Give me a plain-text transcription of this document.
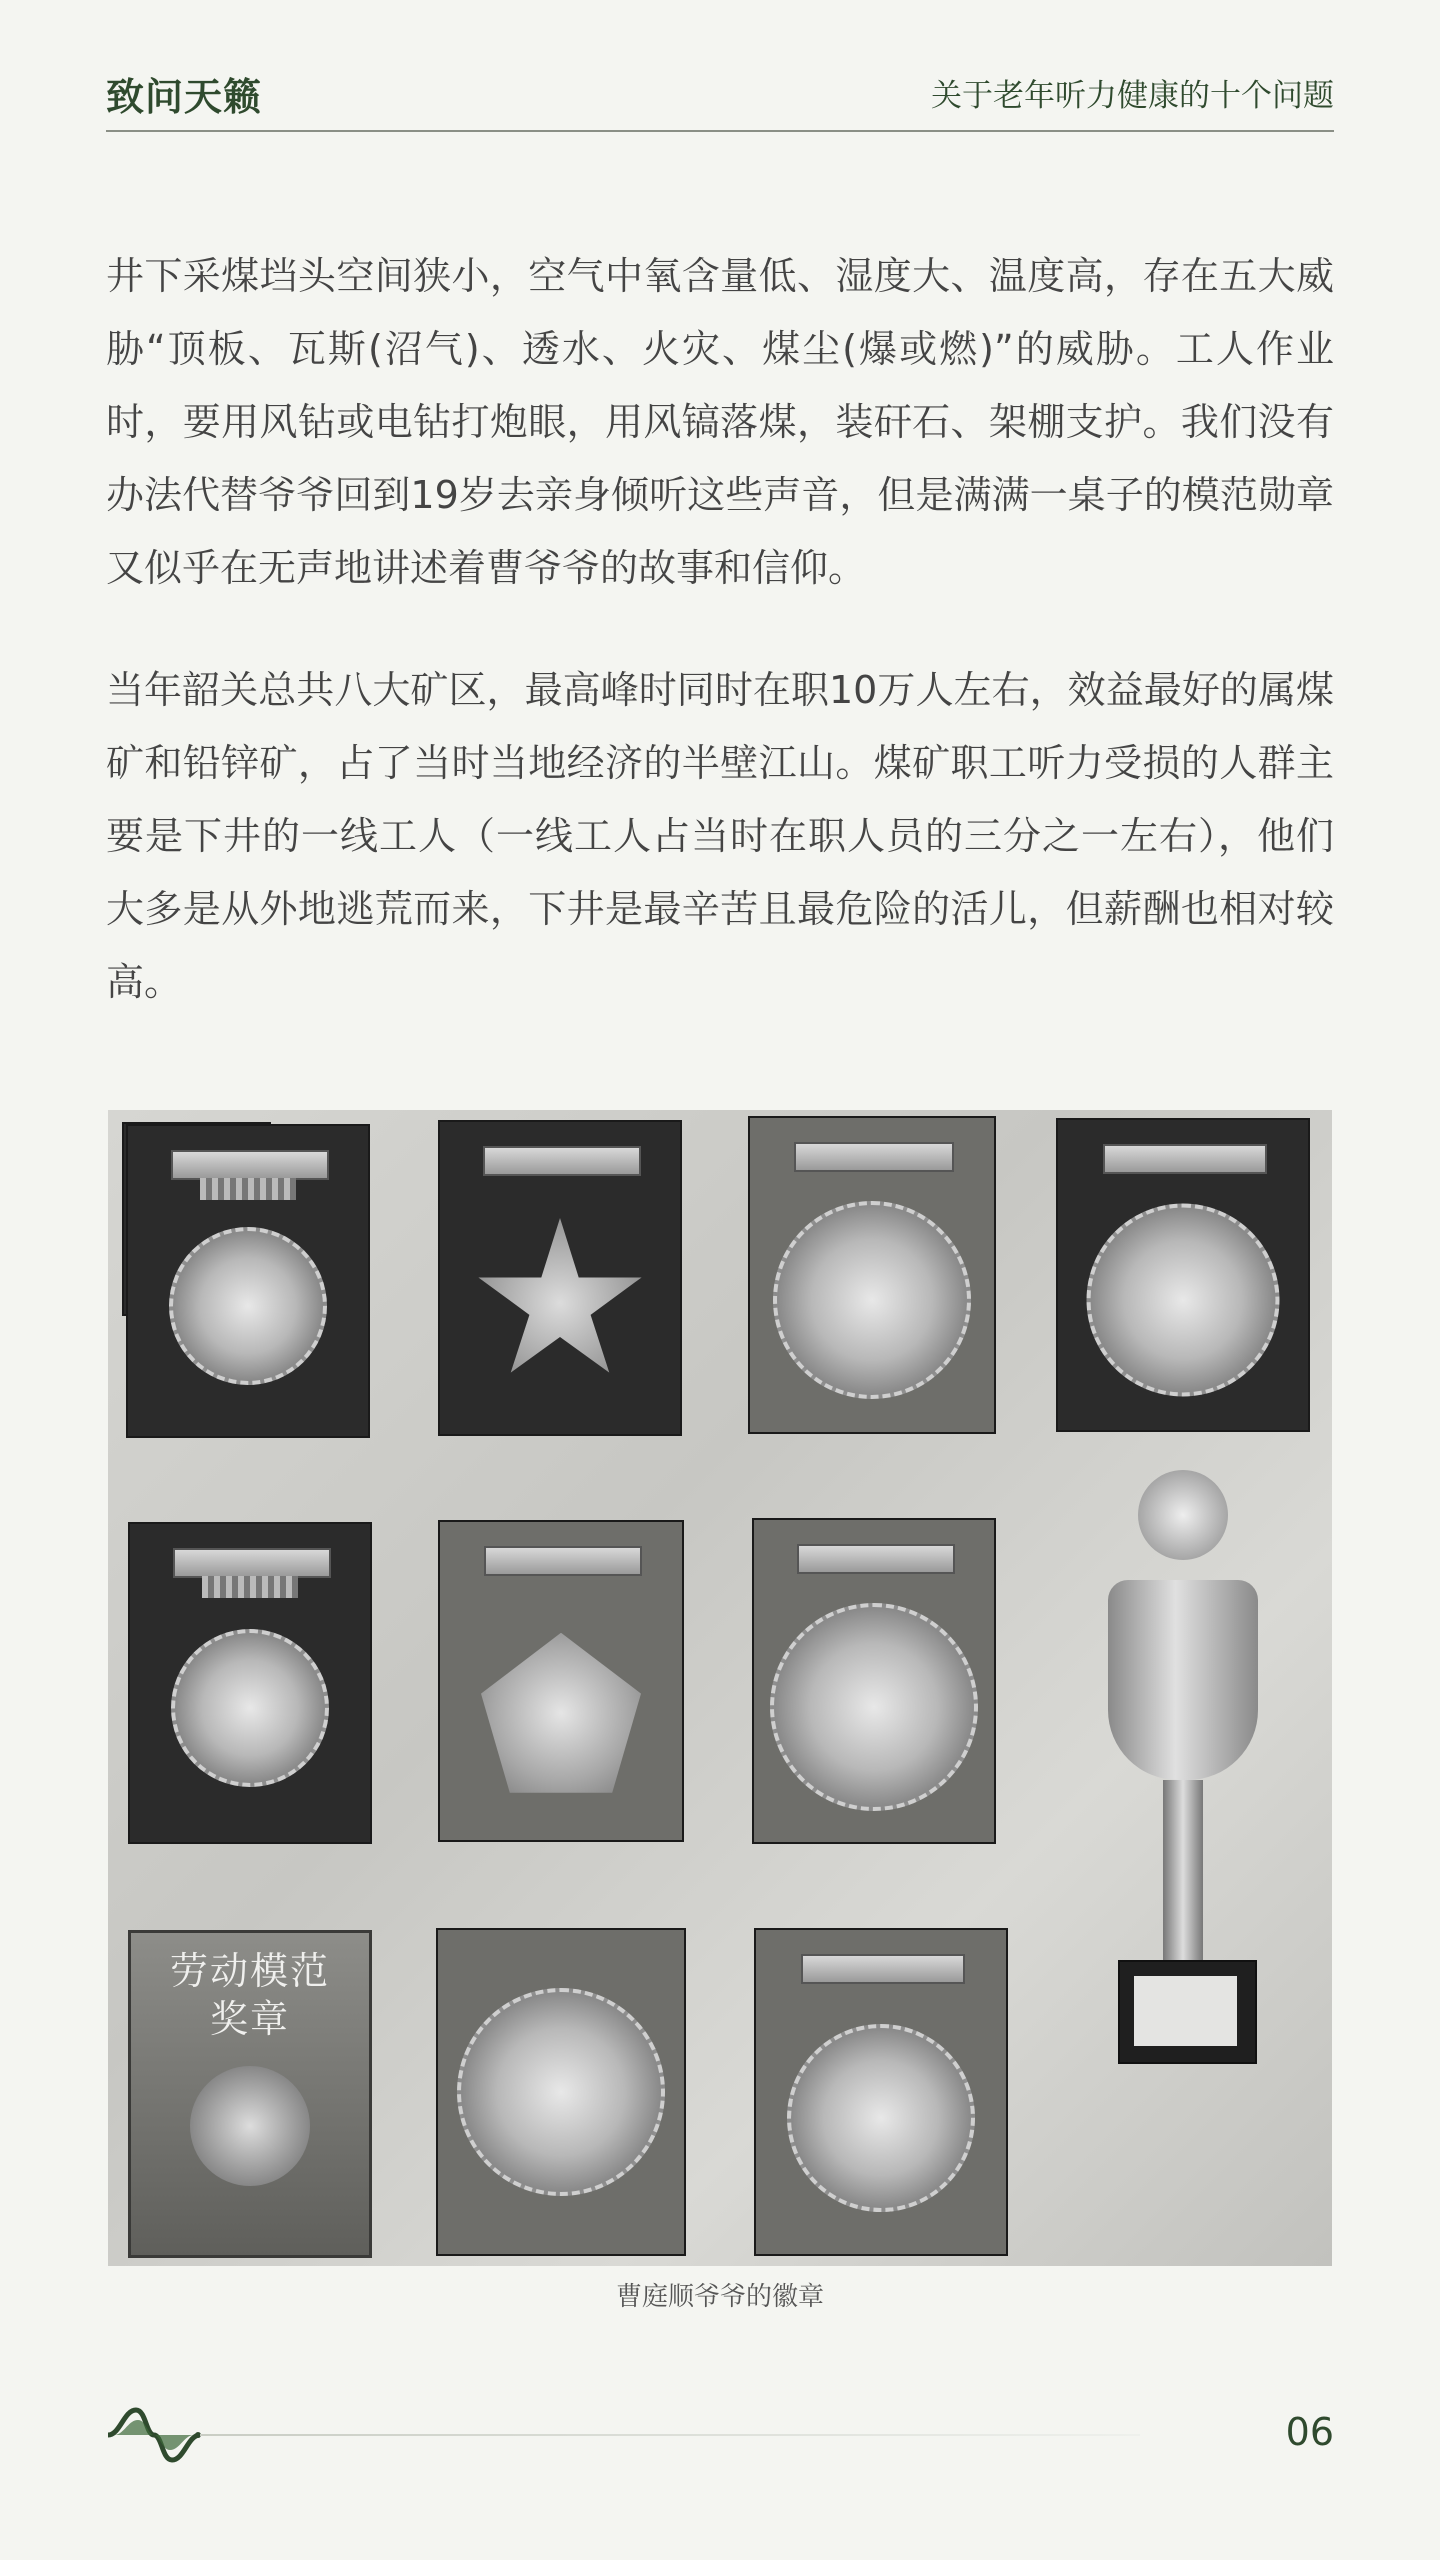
致问天籁	关于老年听力健康的十个问题

井下采煤垱头空间狭小，空气中氧含量低、湿度大、温度高，存在五大威胁“顶板、瓦斯(沼气)、透水、火灾、煤尘(爆或燃)”的威胁。工人作业时，要用风钻或电钻打炮眼，用风镐落煤，装矸石、架棚支护。我们没有办法代替爷爷回到19岁去亲身倾听这些声音，但是满满一桌子的模范勋章又似乎在无声地讲述着曹爷爷的故事和信仰。

当年韶关总共八大矿区，最高峰时同时在职10万人左右，效益最好的属煤矿和铅锌矿，占了当时当地经济的半壁江山。煤矿职工听力受损的人群主要是下井的一线工人（一线工人占当时在职人员的三分之一左右），他们大多是从外地逃荒而来，下井是最辛苦且最危险的活儿，但薪酬也相对较高。

劳动模范
奖章
曹庭顺爷爷的徽章
06
